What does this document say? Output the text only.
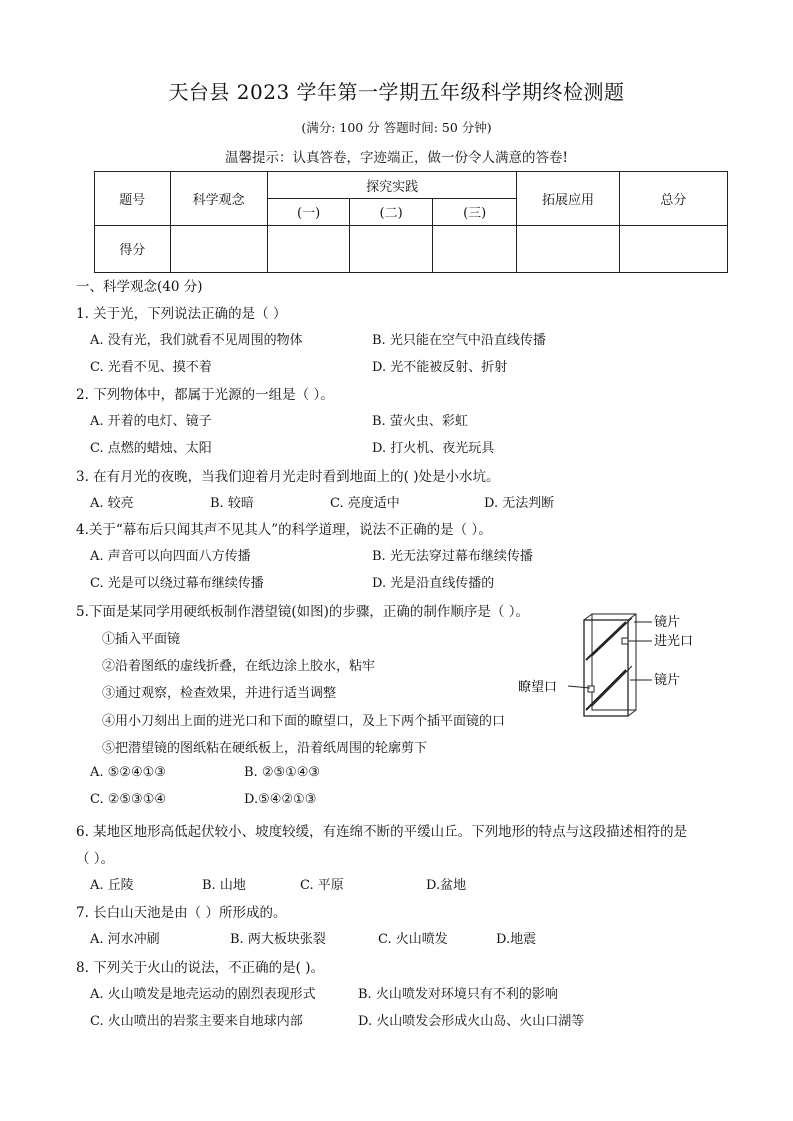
天台县 2023 学年第一学期五年级科学期终检测题
(满分: 100 分 答题时间: 50 分钟)
温馨提示：认真答卷，字迹端正，做一份令人满意的答卷!
题号	科学观念	探究实践			拓展应用	总分
		(一)	(二)	(三)		
得分						
一、科学观念(40 分)
1. 关于光，下列说法正确的是（ ）
A. 没有光，我们就看不见周围的物体	B. 光只能在空气中沿直线传播
C. 光看不见、摸不着	D. 光不能被反射、折射
2. 下列物体中，都属于光源的一组是（ ）。
A. 开着的电灯、镜子	B. 萤火虫、彩虹
C. 点燃的蜡烛、太阳	D. 打火机、夜光玩具
3. 在有月光的夜晚，当我们迎着月光走时看到地面上的( )处是小水坑。
A. 较亮	B. 较暗	C. 亮度适中	D. 无法判断
4.关于“幕布后只闻其声不见其人”的科学道理，说法不正确的是（ ）。
A. 声音可以向四面八方传播	B. 光无法穿过幕布继续传播
C. 光是可以绕过幕布继续传播	D. 光是沿直线传播的
5.下面是某同学用硬纸板制作潜望镜(如图)的步骤，正确的制作顺序是（ ）。
①插入平面镜
②沿着图纸的虚线折叠，在纸边涂上胶水，粘牢
③通过观察，检查效果，并进行适当调整
④用小刀刻出上面的进光口和下面的瞭望口，及上下两个插平面镜的口
⑤把潜望镜的图纸粘在硬纸板上，沿着纸周围的轮廓剪下
A. ⑤②④①③	B. ②⑤①④③
C. ②⑤③①④	D.⑤④②①③
镜片
进光口
镜片
瞭望口
6. 某地区地形高低起伏较小、坡度较缓，有连绵不断的平缓山丘。下列地形的特点与这段描述相符的是
（ ）。
A. 丘陵	B. 山地	C. 平原	D.盆地
7. 长白山天池是由（ ）所形成的。
A. 河水冲刷	B. 两大板块张裂	C. 火山喷发	D.地震
8. 下列关于火山的说法，不正确的是( )。
A. 火山喷发是地壳运动的剧烈表现形式	B. 火山喷发对环境只有不利的影响
C. 火山喷出的岩浆主要来自地球内部	D. 火山喷发会形成火山岛、火山口湖等
